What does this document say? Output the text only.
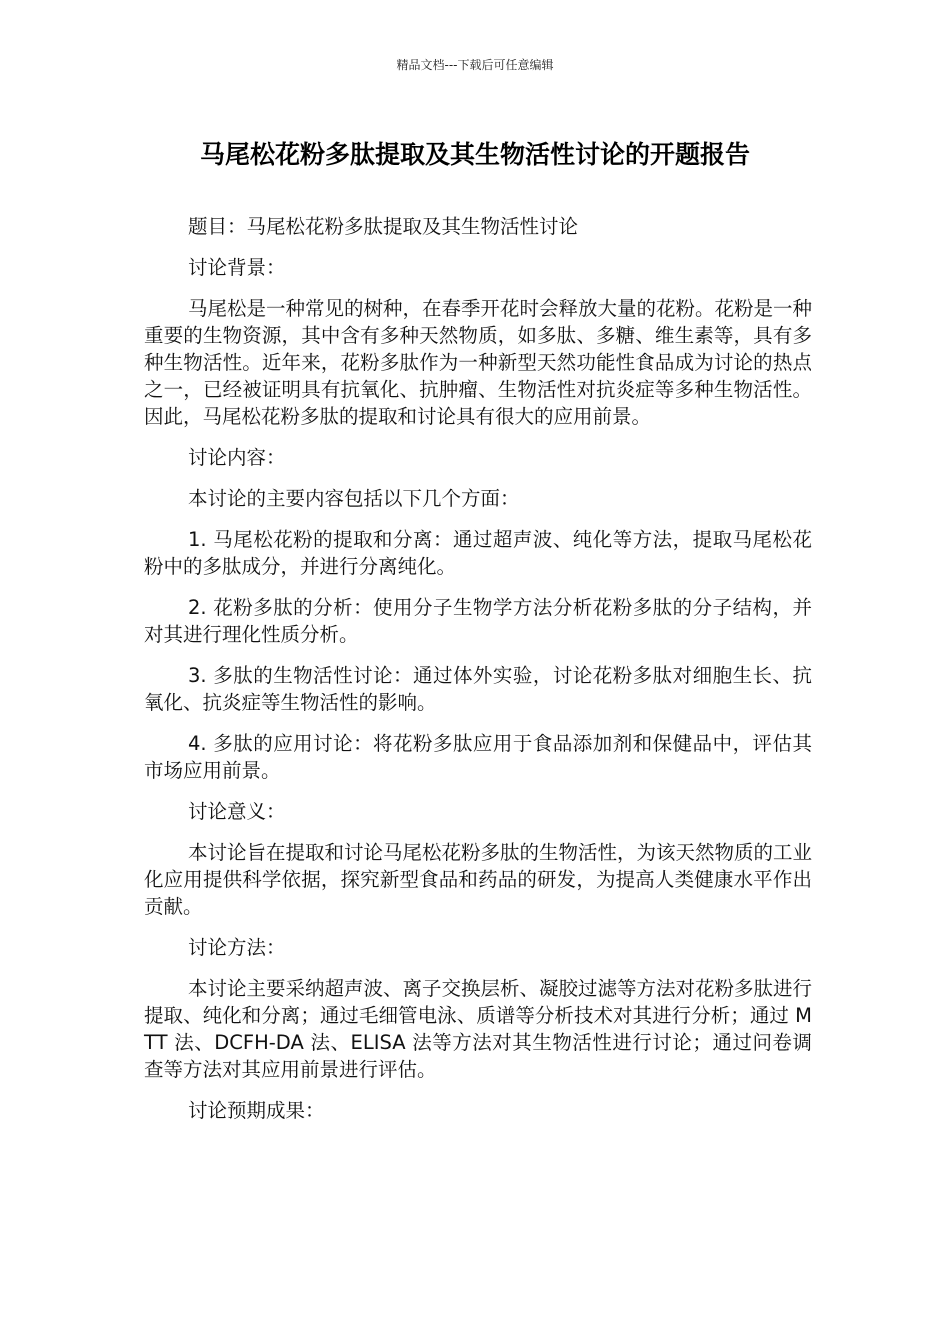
精品文档---下载后可任意编辑
马尾松花粉多肽提取及其生物活性讨论的开题报告

题目：马尾松花粉多肽提取及其生物活性讨论

讨论背景：

马尾松是一种常见的树种，在春季开花时会释放大量的花粉。花粉是一种重要的生物资源，其中含有多种天然物质，如多肽、多糖、维生素等，具有多种生物活性。近年来，花粉多肽作为一种新型天然功能性食品成为讨论的热点之一，已经被证明具有抗氧化、抗肿瘤、生物活性对抗炎症等多种生物活性。因此，马尾松花粉多肽的提取和讨论具有很大的应用前景。

讨论内容：

本讨论的主要内容包括以下几个方面：

1. 马尾松花粉的提取和分离：通过超声波、纯化等方法，提取马尾松花粉中的多肽成分，并进行分离纯化。

2. 花粉多肽的分析：使用分子生物学方法分析花粉多肽的分子结构，并对其进行理化性质分析。

3. 多肽的生物活性讨论：通过体外实验，讨论花粉多肽对细胞生长、抗氧化、抗炎症等生物活性的影响。

4. 多肽的应用讨论：将花粉多肽应用于食品添加剂和保健品中，评估其市场应用前景。

讨论意义：

本讨论旨在提取和讨论马尾松花粉多肽的生物活性，为该天然物质的工业化应用提供科学依据，探究新型食品和药品的研发，为提高人类健康水平作出贡献。

讨论方法：

本讨论主要采纳超声波、离子交换层析、凝胶过滤等方法对花粉多肽进行提取、纯化和分离；通过毛细管电泳、质谱等分析技术对其进行分析；通过 MTT 法、DCFH-DA 法、ELISA 法等方法对其生物活性进行讨论；通过问卷调查等方法对其应用前景进行评估。

讨论预期成果：
